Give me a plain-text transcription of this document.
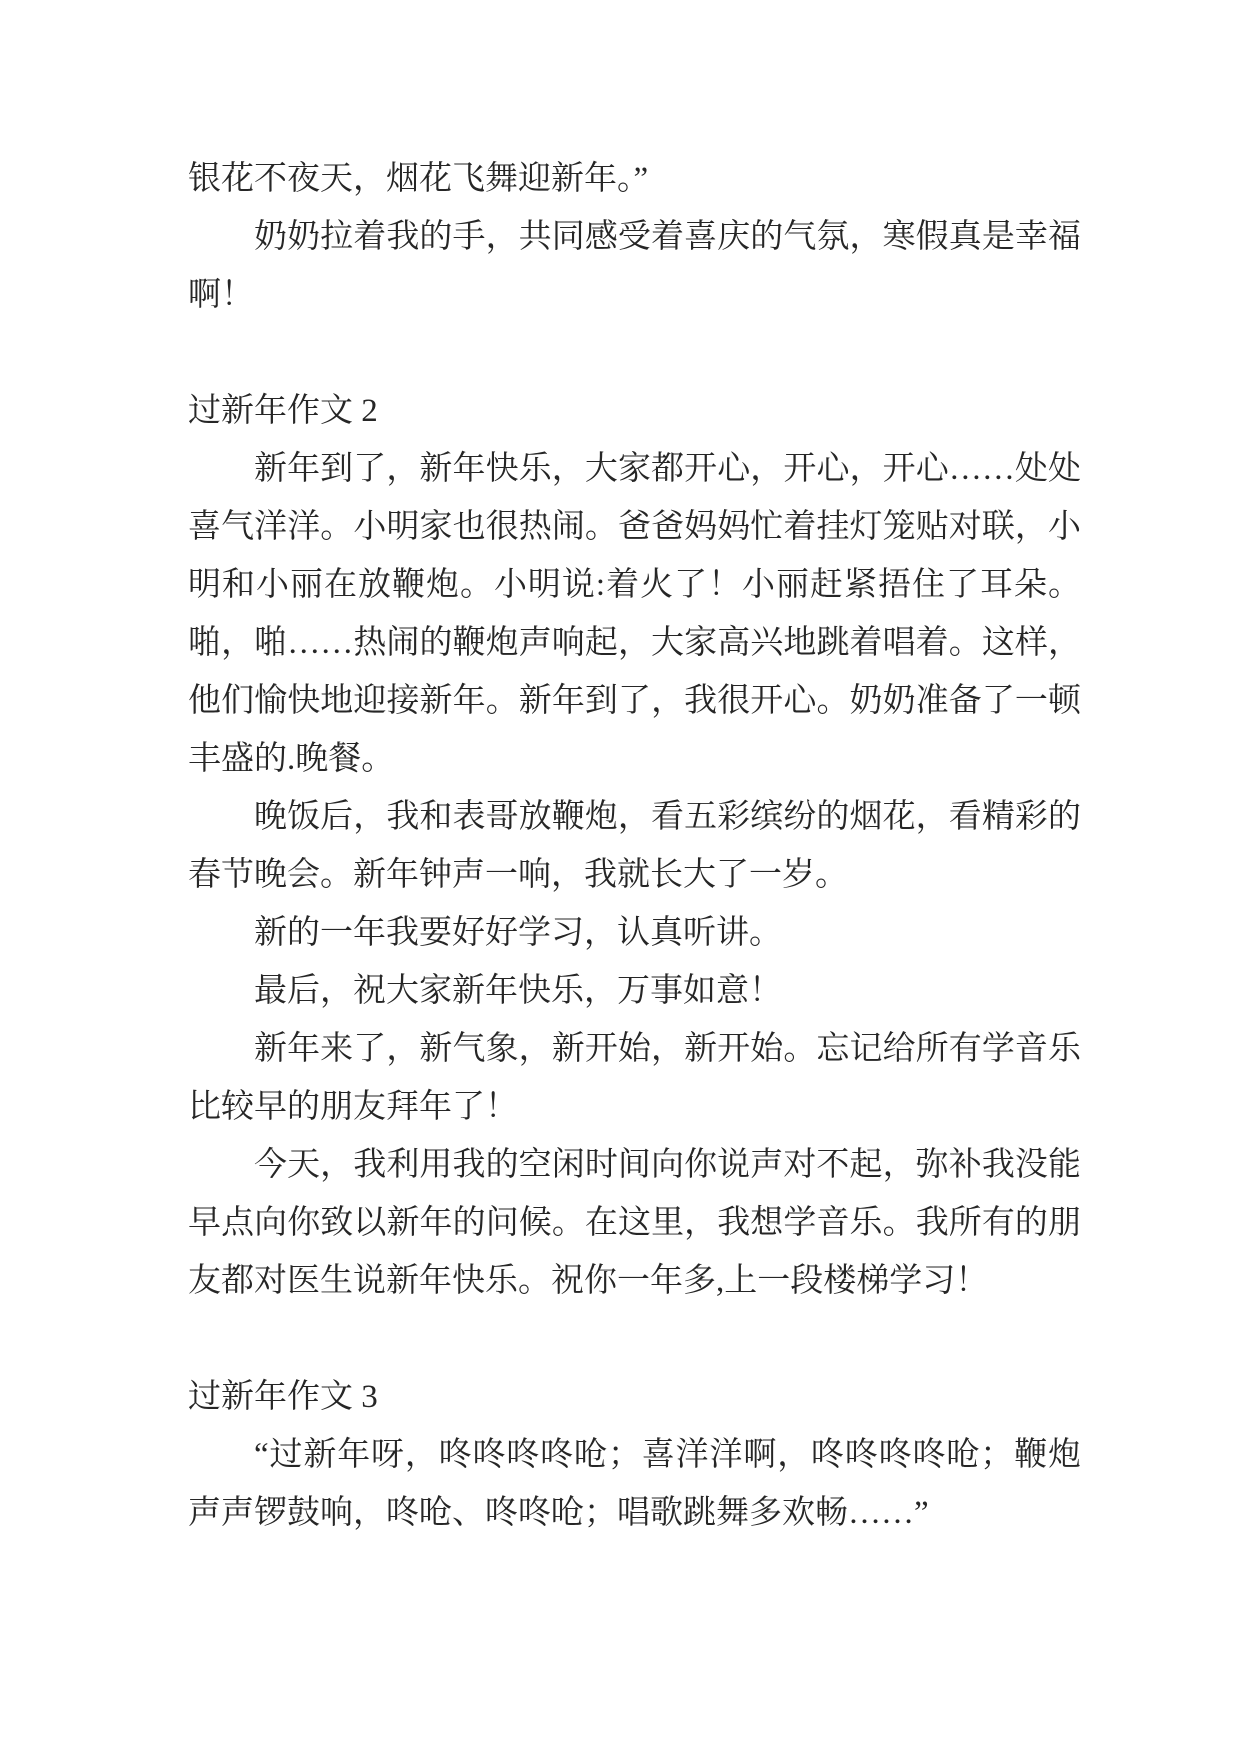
银花不夜天，烟花飞舞迎新年。”

奶奶拉着我的手，共同感受着喜庆的气氛，寒假真是幸福啊！

过新年作文 2

新年到了，新年快乐，大家都开心，开心，开心……处处喜气洋洋。小明家也很热闹。爸爸妈妈忙着挂灯笼贴对联，小明和小丽在放鞭炮。小明说:着火了！小丽赶紧捂住了耳朵。啪，啪……热闹的鞭炮声响起，大家高兴地跳着唱着。这样，他们愉快地迎接新年。新年到了，我很开心。奶奶准备了一顿丰盛的.晚餐。

晚饭后，我和表哥放鞭炮，看五彩缤纷的烟花，看精彩的春节晚会。新年钟声一响，我就长大了一岁。

新的一年我要好好学习，认真听讲。

最后，祝大家新年快乐，万事如意！

新年来了，新气象，新开始，新开始。忘记给所有学音乐比较早的朋友拜年了！

今天，我利用我的空闲时间向你说声对不起，弥补我没能早点向你致以新年的问候。在这里，我想学音乐。我所有的朋友都对医生说新年快乐。祝你一年多,上一段楼梯学习！

过新年作文 3

“过新年呀，咚咚咚咚呛；喜洋洋啊，咚咚咚咚呛；鞭炮声声锣鼓响，咚呛、咚咚呛；唱歌跳舞多欢畅……”
